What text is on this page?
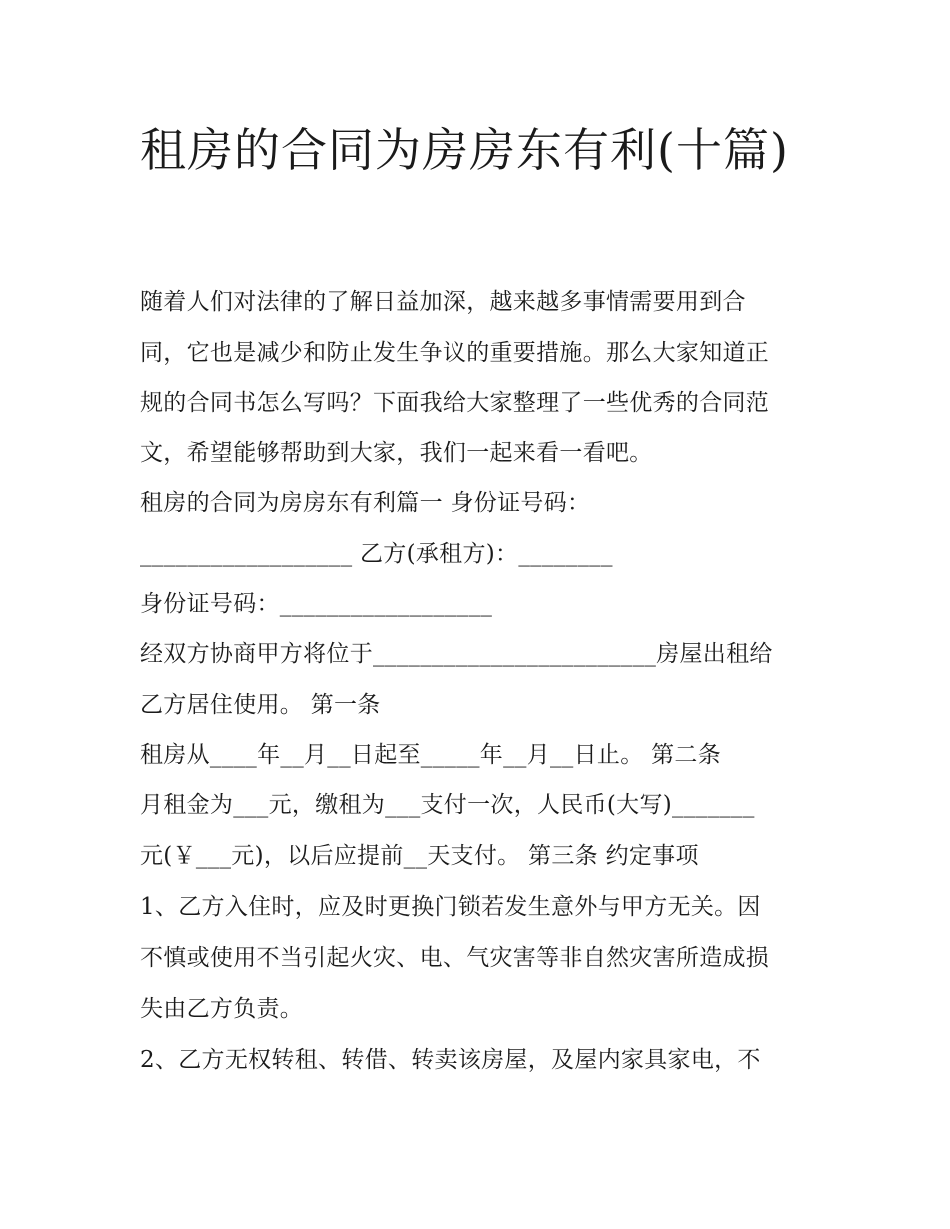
租房的合同为房房东有利(十篇)

随着人们对法律的了解日益加深，越来越多事情需要用到合

同，它也是减少和防止发生争议的重要措施。那么大家知道正

规的合同书怎么写吗？下面我给大家整理了一些优秀的合同范

文，希望能够帮助到大家，我们一起来看一看吧。

租房的合同为房房东有利篇一 身份证号码：

__________________ 乙方(承租方)：________

身份证号码：__________________

经双方协商甲方将位于________________________房屋出租给

乙方居住使用。 第一条

租房从____年__月__日起至_____年__月__日止。 第二条

月租金为___元，缴租为___支付一次，人民币(大写)_______

元(￥___元)，以后应提前__天支付。 第三条 约定事项

1、乙方入住时，应及时更换门锁若发生意外与甲方无关。因

不慎或使用不当引起火灾、电、气灾害等非自然灾害所造成损

失由乙方负责。

2、乙方无权转租、转借、转卖该房屋，及屋内家具家电，不
